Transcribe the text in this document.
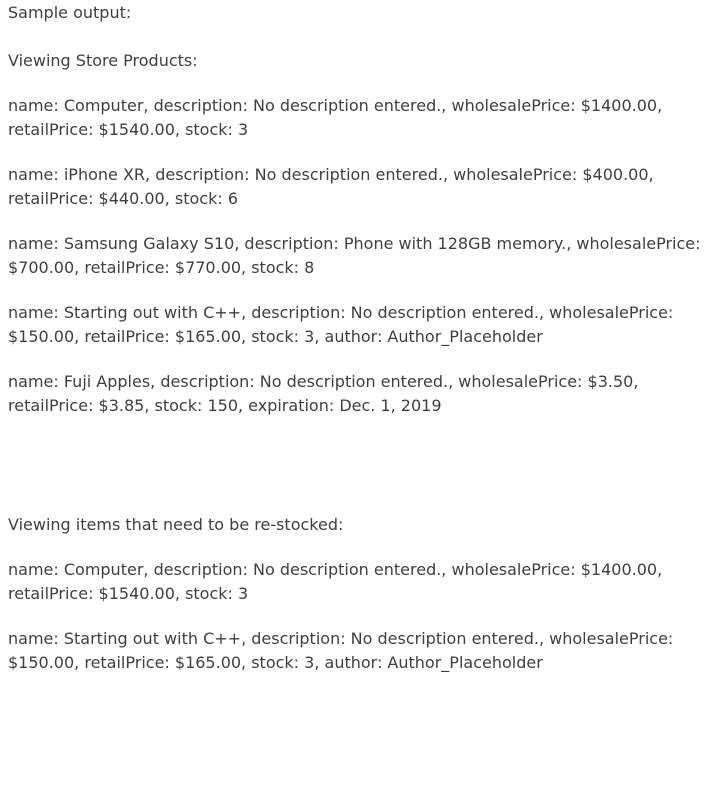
Sample output:

Viewing Store Products:

name: Computer, description: No description entered., wholesalePrice: $1400.00, retailPrice: $1540.00, stock: 3

name: iPhone XR, description: No description entered., wholesalePrice: $400.00, retailPrice: $440.00, stock: 6

name: Samsung Galaxy S10, description: Phone with 128GB memory., wholesalePrice: $700.00, retailPrice: $770.00, stock: 8

name: Starting out with C++, description: No description entered., wholesalePrice: $150.00, retailPrice: $165.00, stock: 3, author: Author_Placeholder

name: Fuji Apples, description: No description entered., wholesalePrice: $3.50, retailPrice: $3.85, stock: 150, expiration: Dec. 1, 2019

Viewing items that need to be re-stocked:

name: Computer, description: No description entered., wholesalePrice: $1400.00, retailPrice: $1540.00, stock: 3

name: Starting out with C++, description: No description entered., wholesalePrice: $150.00, retailPrice: $165.00, stock: 3, author: Author_Placeholder
